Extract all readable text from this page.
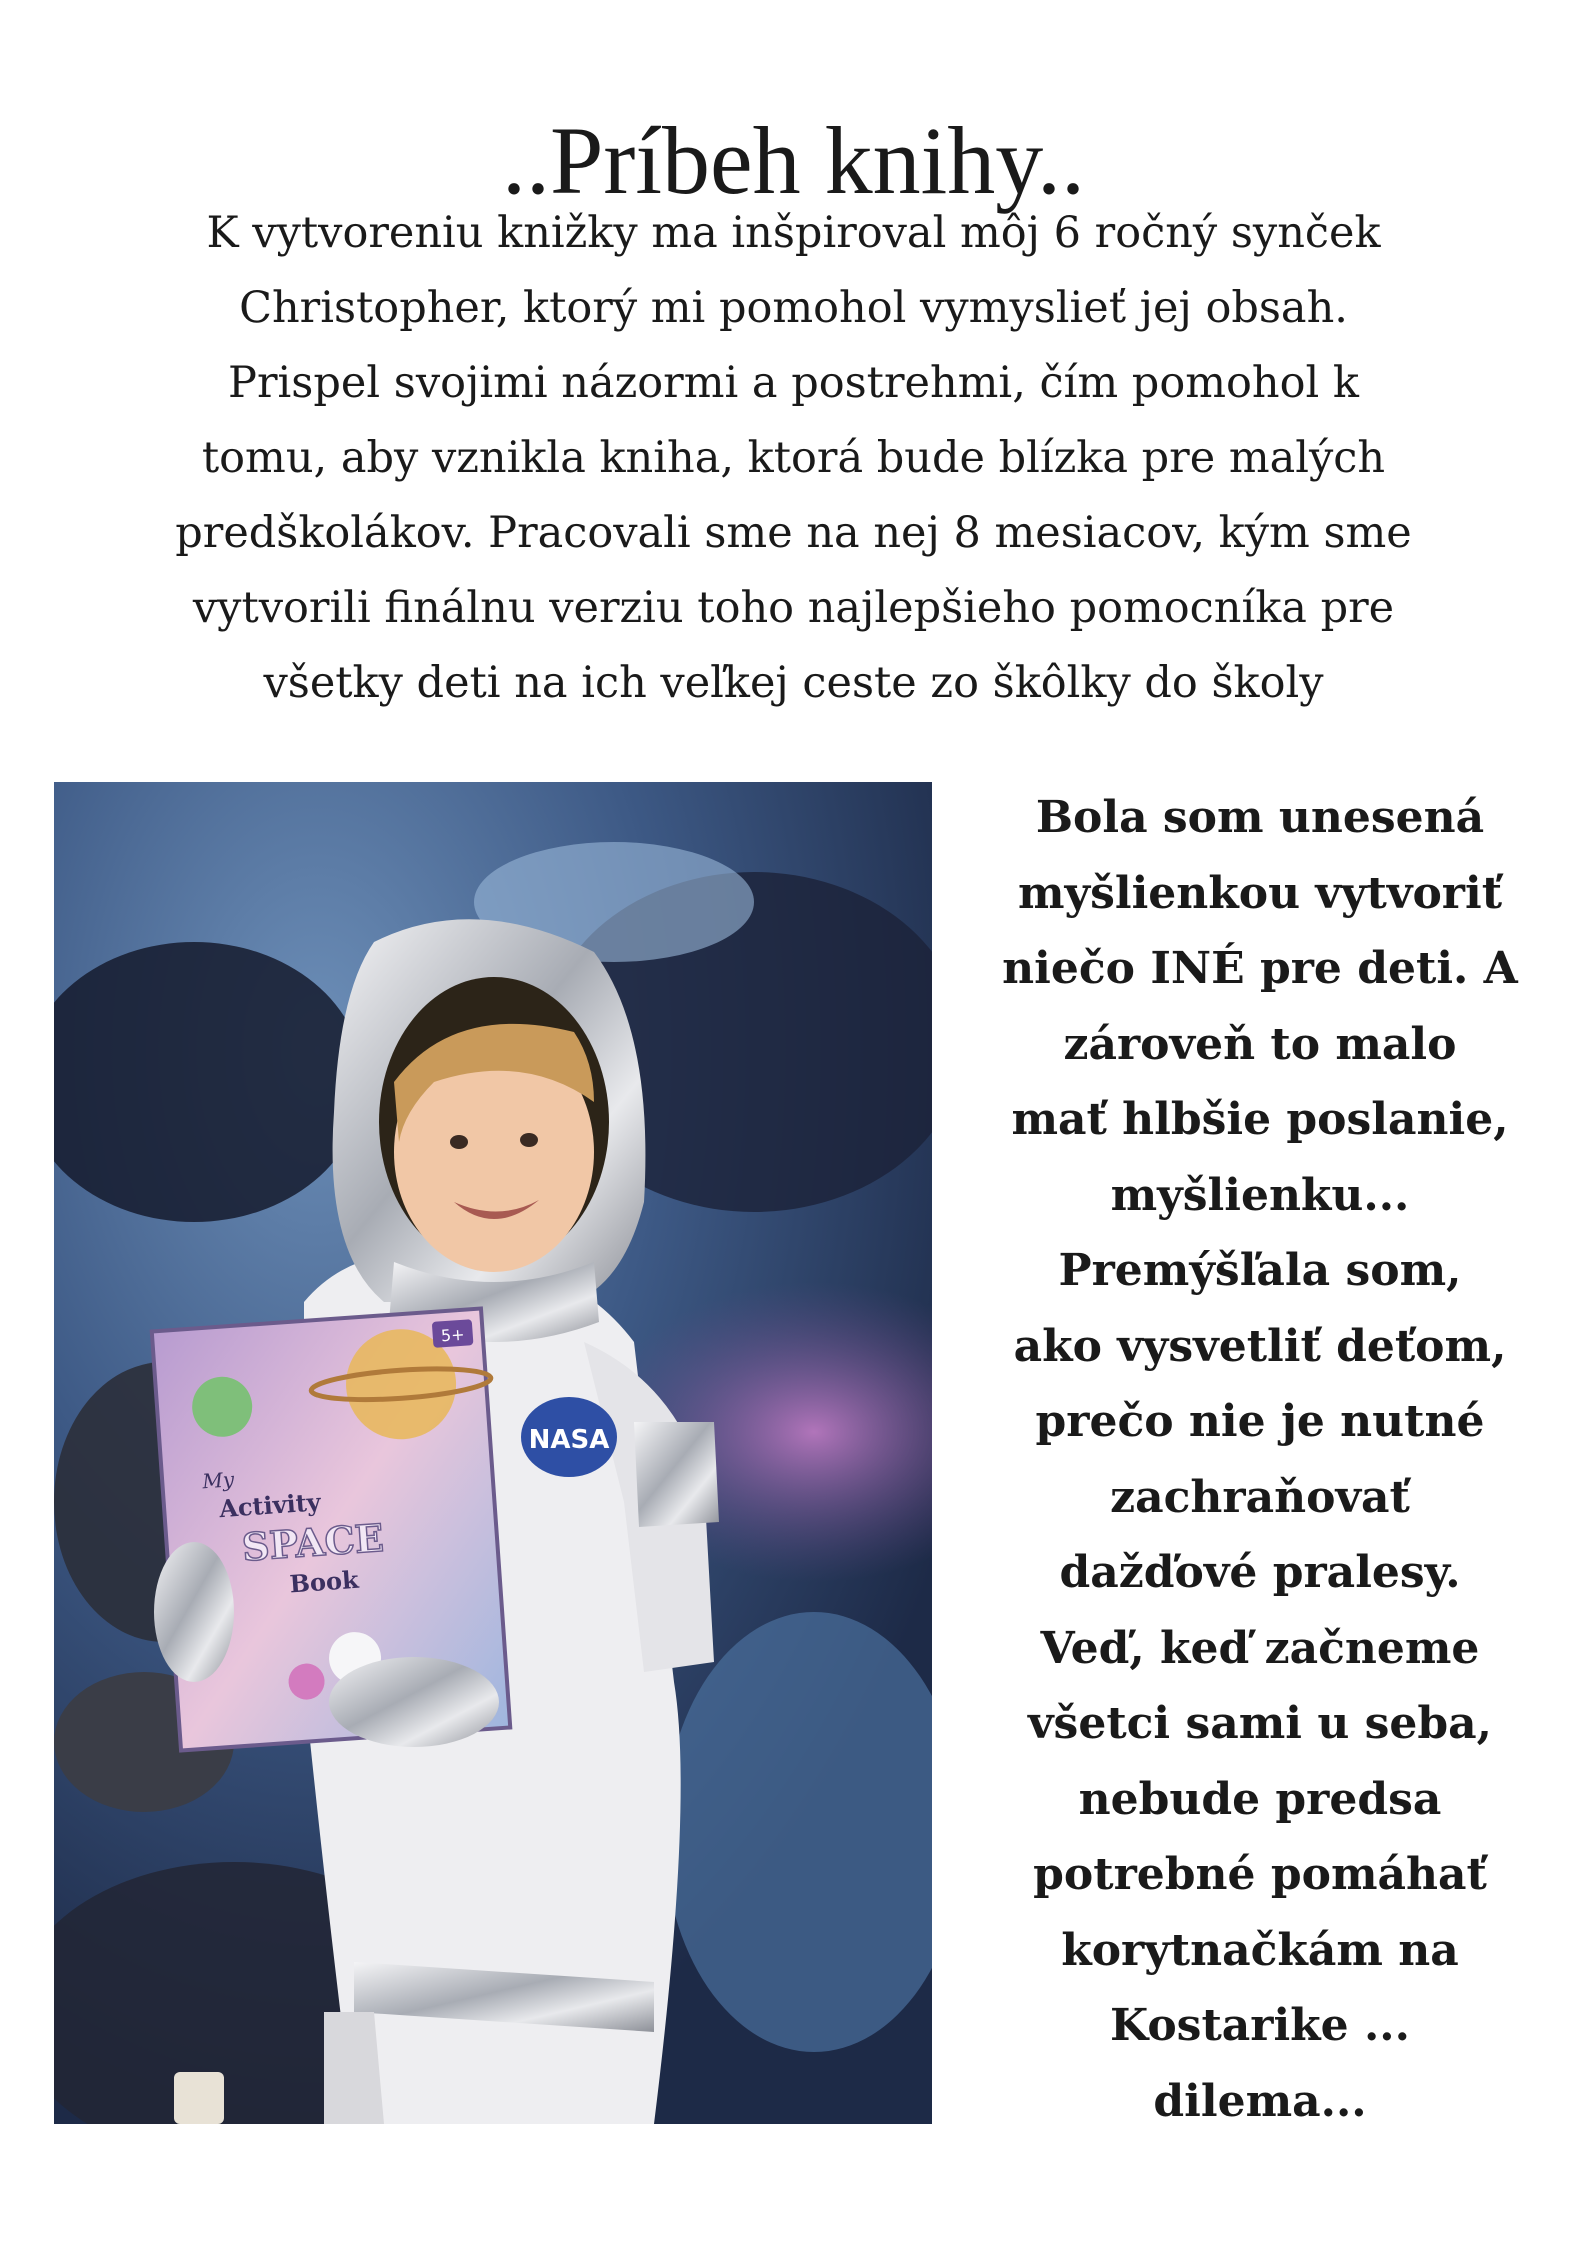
..Príbeh knihy..
K vytvoreniu knižky ma inšpiroval môj 6 ročný synček
Christopher, ktorý mi pomohol vymyslieť jej obsah.
Prispel svojimi názormi a postrehmi, čím pomohol k
tomu, aby vznikla kniha, ktorá bude blízka pre malých
predškolákov. Pracovali sme na nej 8 mesiacov, kým sme
vytvorili finálnu verziu toho najlepšieho pomocníka pre
všetky deti na ich veľkej ceste zo škôlky do školy
NASA
5+
My
Activity
SPACE
Book
Bola som unesená
myšlienkou vytvoriť
niečo INÉ pre deti. A
zároveň to malo
mať hlbšie poslanie,
myšlienku...
Premýšľala som,
ako vysvetliť deťom,
prečo nie je nutné
zachraňovať
dažďové pralesy.
Veď, keď začneme
všetci sami u seba,
nebude predsa
potrebné pomáhať
korytnačkám na
Kostarike ...
dilema...
